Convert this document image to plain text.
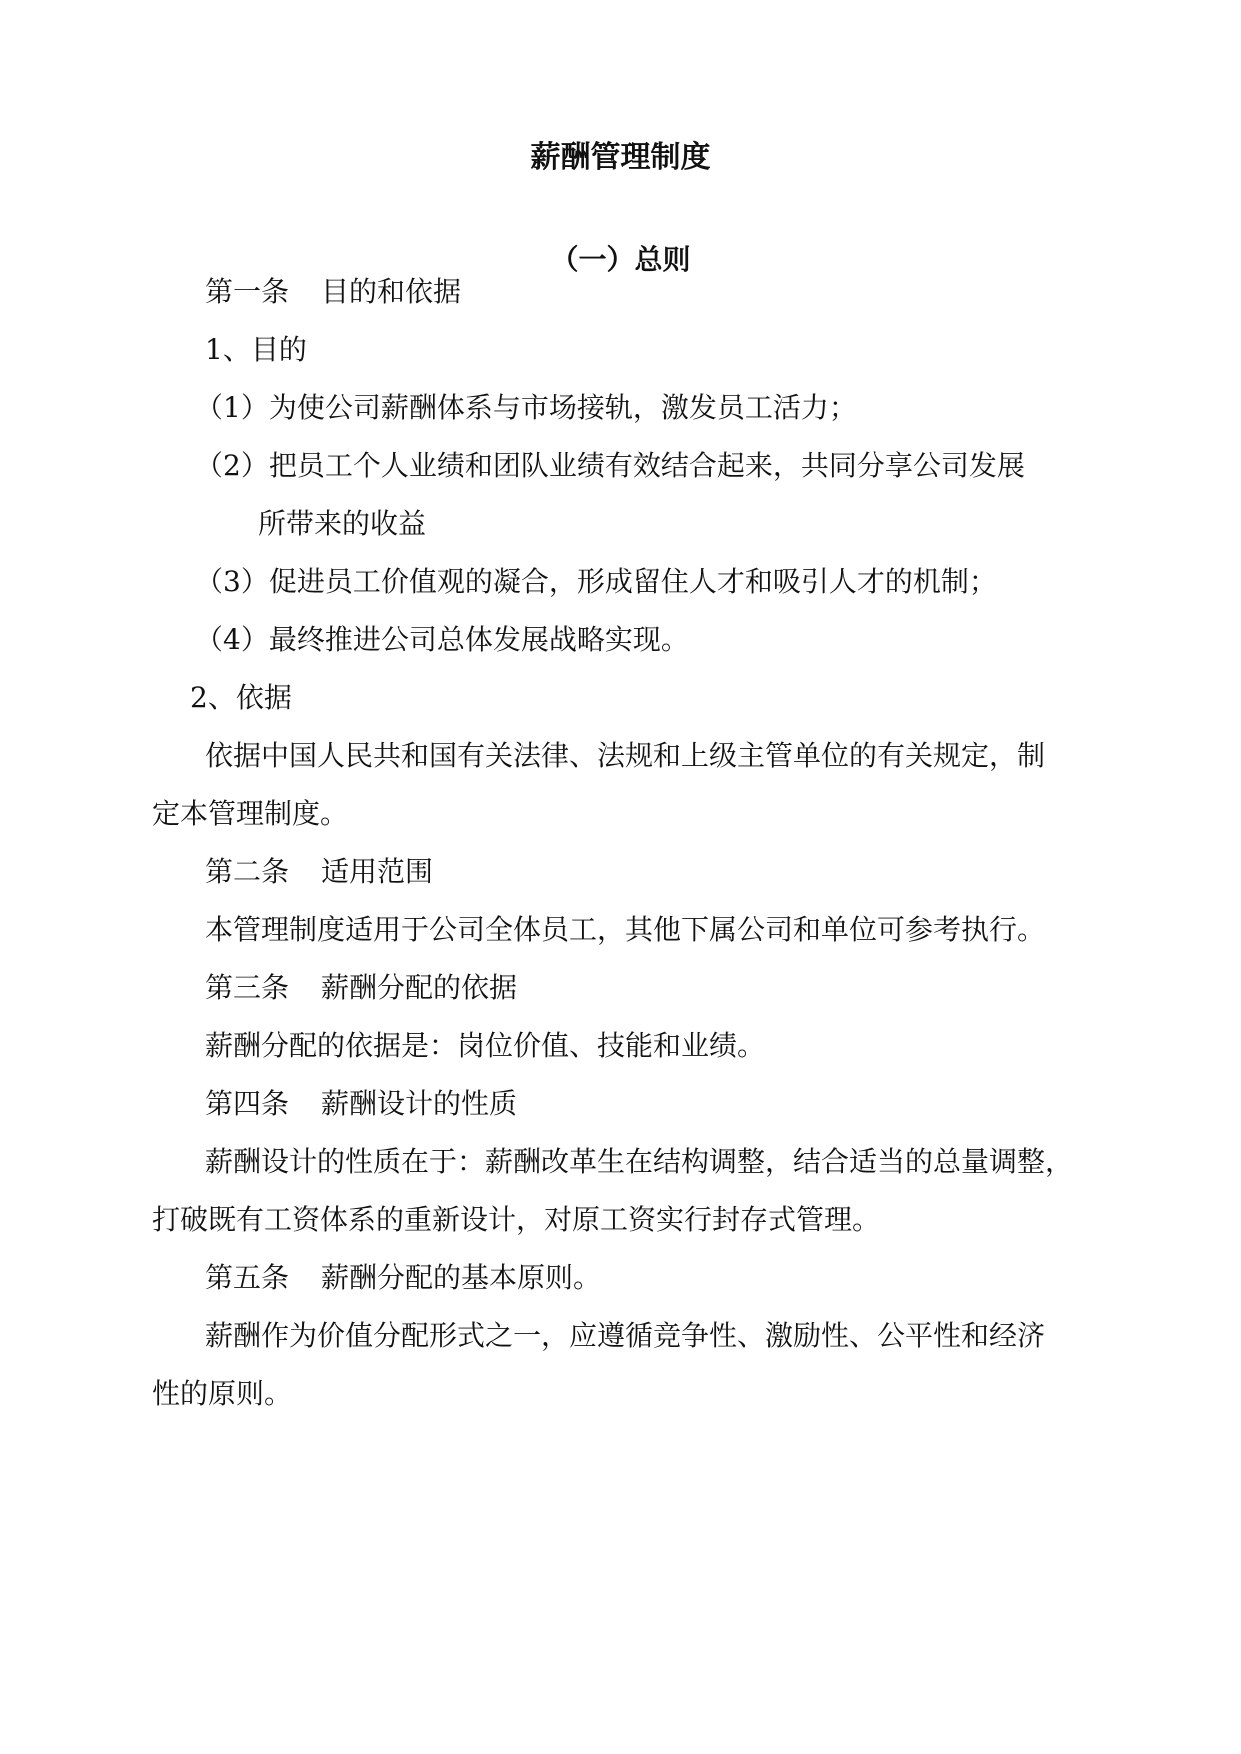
薪酬管理制度
（一）总则
第一条 目的和依据
1、目的
（1）为使公司薪酬体系与市场接轨，激发员工活力；
（2）把员工个人业绩和团队业绩有效结合起来，共同分享公司发展
所带来的收益
（3）促进员工价值观的凝合，形成留住人才和吸引人才的机制；
（4）最终推进公司总体发展战略实现。
2、依据
依据中国人民共和国有关法律、法规和上级主管单位的有关规定，制
定本管理制度。
第二条 适用范围
本管理制度适用于公司全体员工，其他下属公司和单位可参考执行。
第三条 薪酬分配的依据
薪酬分配的依据是：岗位价值、技能和业绩。
第四条 薪酬设计的性质
薪酬设计的性质在于：薪酬改革生在结构调整，结合适当的总量调整，
打破既有工资体系的重新设计，对原工资实行封存式管理。
第五条 薪酬分配的基本原则。
薪酬作为价值分配形式之一，应遵循竞争性、激励性、公平性和经济
性的原则。
